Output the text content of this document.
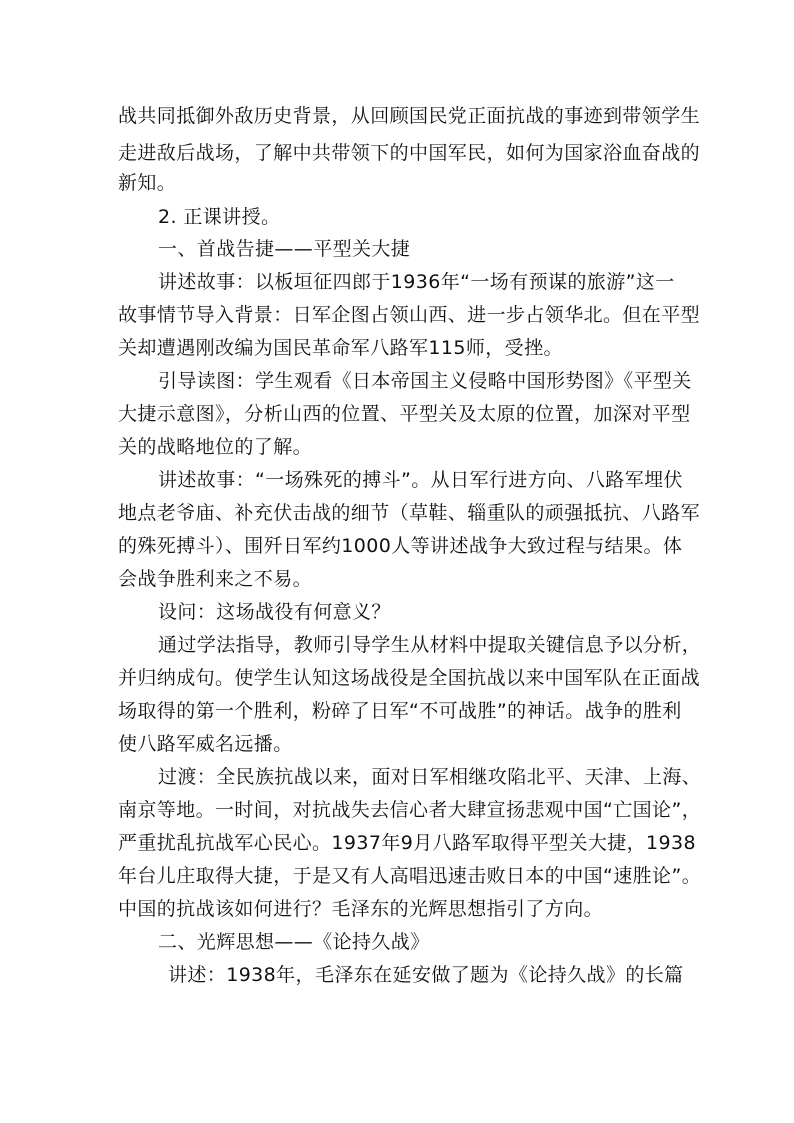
战共同抵御外敌历史背景，从回顾国民党正面抗战的事迹到带领学生
走进敌后战场，了解中共带领下的中国军民，如何为国家浴血奋战的
新知。
2. 正课讲授。
一、首战告捷——平型关大捷
讲述故事：以板垣征四郎于1936年“一场有预谋的旅游”这一
故事情节导入背景：日军企图占领山西、进一步占领华北。但在平型
关却遭遇刚改编为国民革命军八路军115师，受挫。
引导读图：学生观看《日本帝国主义侵略中国形势图》《平型关
大捷示意图》，分析山西的位置、平型关及太原的位置，加深对平型
关的战略地位的了解。
讲述故事：“一场殊死的搏斗”。从日军行进方向、八路军埋伏
地点老爷庙、补充伏击战的细节（草鞋、辎重队的顽强抵抗、八路军
的殊死搏斗）、围歼日军约1000人等讲述战争大致过程与结果。体
会战争胜利来之不易。
设问：这场战役有何意义？
通过学法指导，教师引导学生从材料中提取关键信息予以分析，
并归纳成句。使学生认知这场战役是全国抗战以来中国军队在正面战
场取得的第一个胜利，粉碎了日军“不可战胜”的神话。战争的胜利
使八路军威名远播。
过渡：全民族抗战以来，面对日军相继攻陷北平、天津、上海、
南京等地。一时间，对抗战失去信心者大肆宣扬悲观中国“亡国论”，
严重扰乱抗战军心民心。1937年9月八路军取得平型关大捷，1938
年台儿庄取得大捷，于是又有人高唱迅速击败日本的中国“速胜论”。
中国的抗战该如何进行？毛泽东的光辉思想指引了方向。
二、光辉思想——《论持久战》
讲述：1938年，毛泽东在延安做了题为《论持久战》的长篇
